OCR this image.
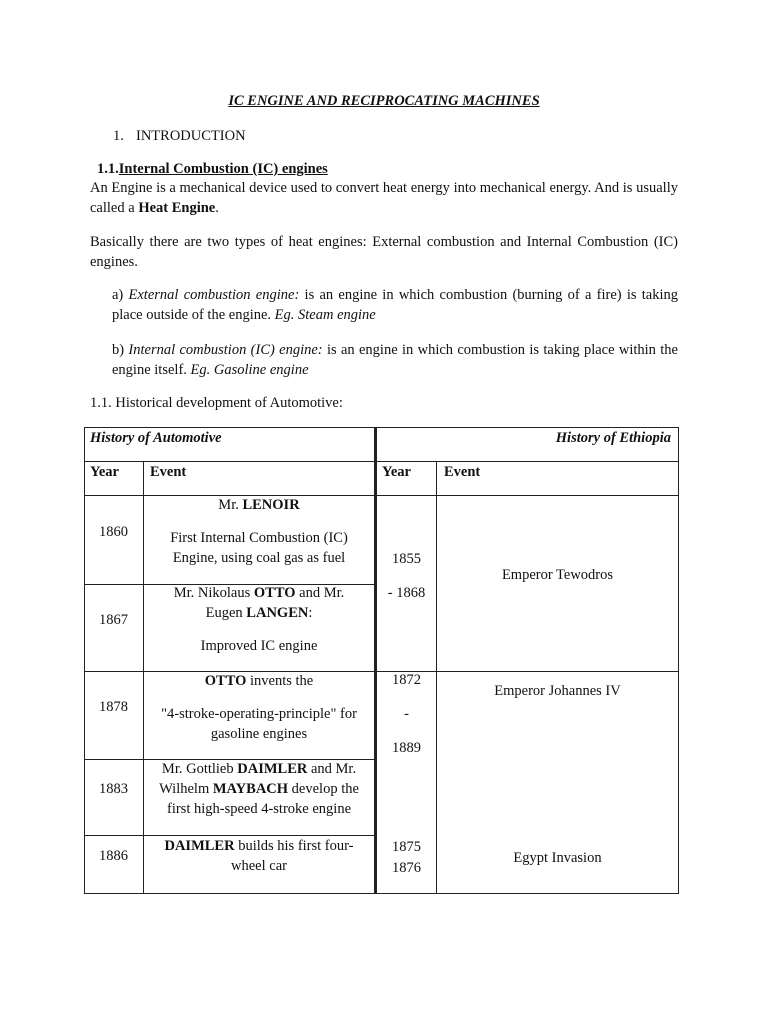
IC ENGINE AND RECIPROCATING MACHINES
1. INTRODUCTION
1.1.Internal Combustion (IC) engines
An Engine is a mechanical device used to convert heat energy into mechanical energy. And is usually called a Heat Engine.
Basically there are two types of heat engines: External combustion and Internal Combustion (IC) engines.
a) External combustion engine: is an engine in which combustion (burning of a fire) is taking place outside of the engine. Eg. Steam engine
b) Internal combustion (IC) engine: is an engine in which combustion is taking place within the engine itself. Eg. Gasoline engine
1.1. Historical development of Automotive:
History of Automotive	History of Ethiopia
Year Event	Year Event
1860
Mr. LENOIR
First Internal Combustion (IC)
Engine, using coal gas as fuel
1867
Mr. Nikolaus OTTO and Mr.
Eugen LANGEN:
Improved IC engine
1878
OTTO invents the
"4-stroke-operating-principle" for
gasoline engines
1883
Mr. Gottlieb DAIMLER and Mr.
Wilhelm MAYBACH develop the
first high-speed 4-stroke engine
1886
DAIMLER builds his first four-
wheel car
1855
- 1868
Emperor Tewodros
1872
-
1889
Emperor Johannes IV
1875
1876
Egypt Invasion
